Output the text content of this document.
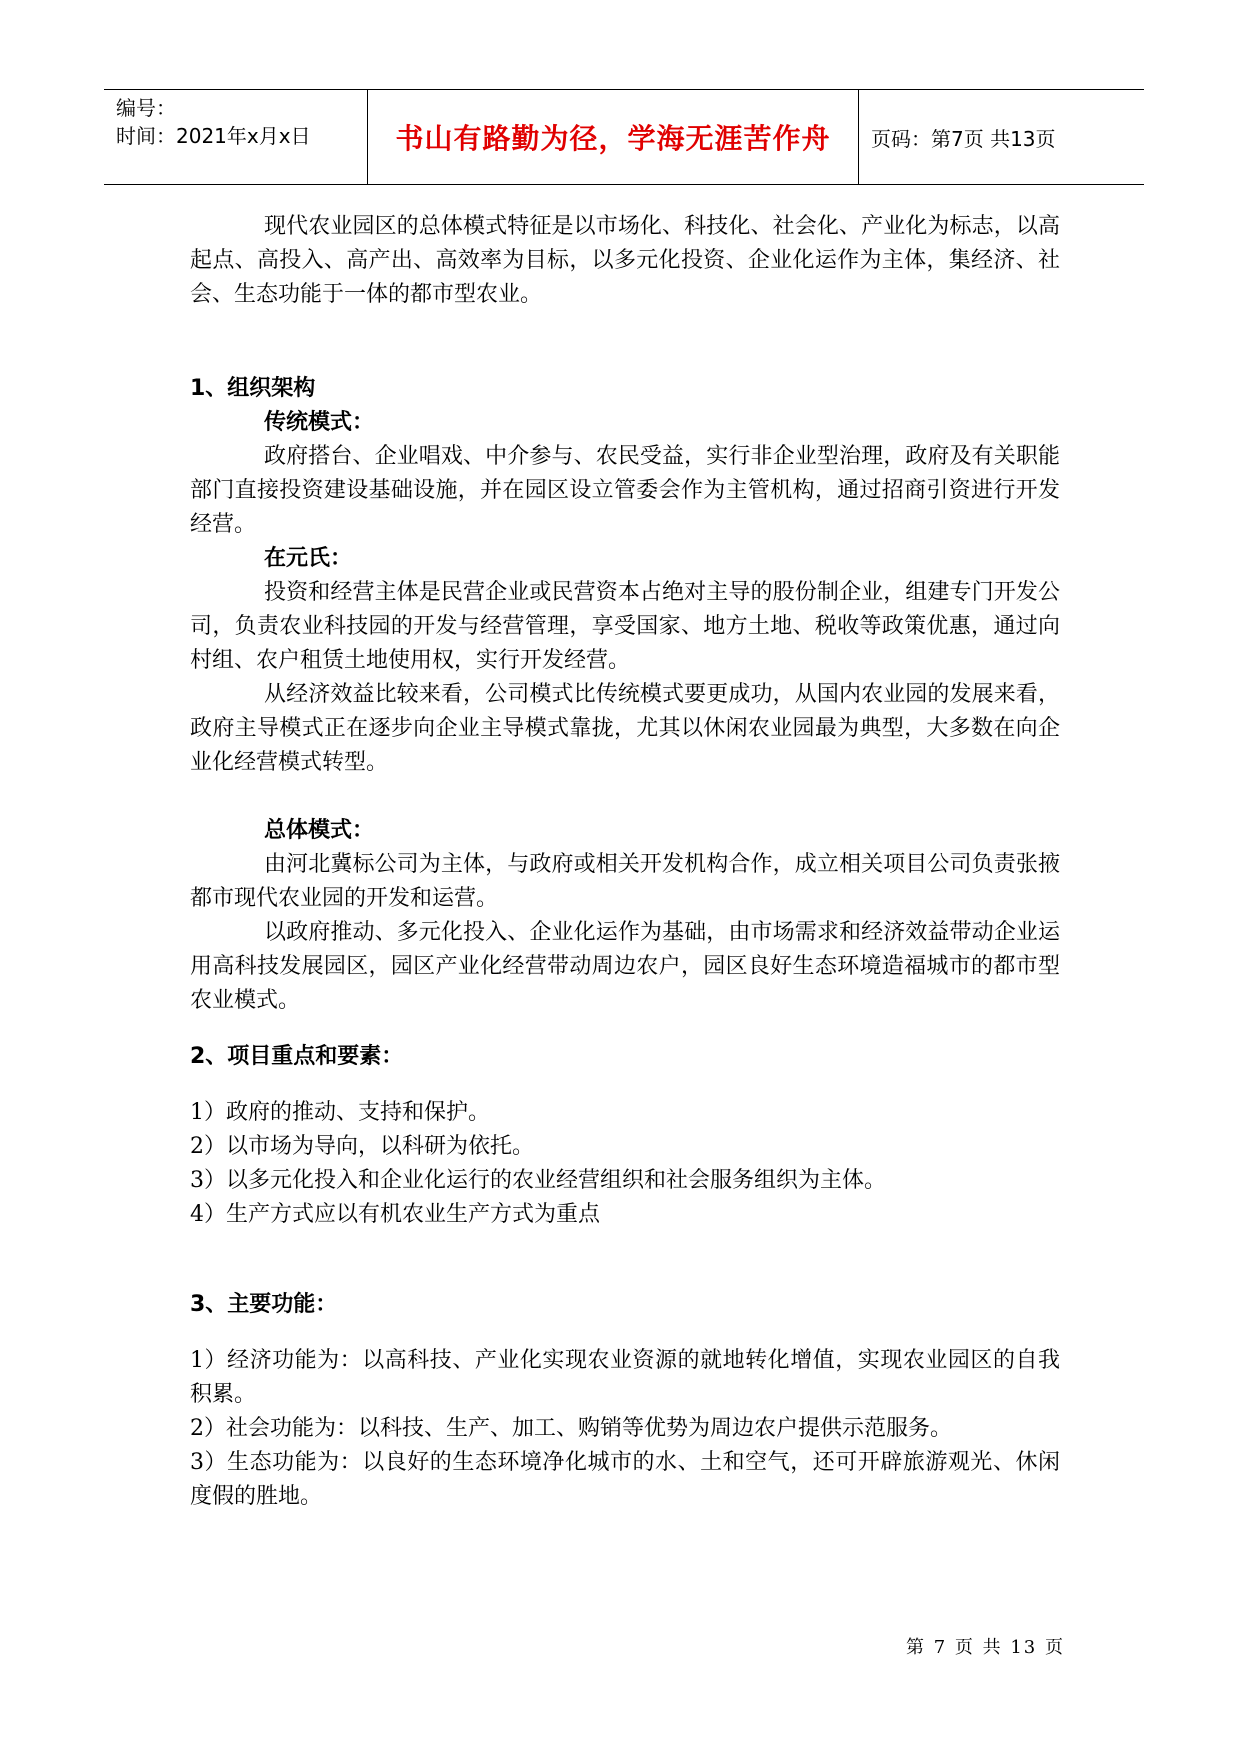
编号：
时间：2021年x月x日	书山有路勤为径，学海无涯苦作舟 页码：第7页 共13页

现代农业园区的总体模式特征是以市场化、科技化、社会化、产业化为标志，以高起点、高投入、高产出、高效率为目标，以多元化投资、企业化运作为主体，集经济、社会、生态功能于一体的都市型农业。

1、组织架构

传统模式：

政府搭台、企业唱戏、中介参与、农民受益，实行非企业型治理，政府及有关职能部门直接投资建设基础设施，并在园区设立管委会作为主管机构，通过招商引资进行开发经营。

在元氏：

投资和经营主体是民营企业或民营资本占绝对主导的股份制企业，组建专门开发公司，负责农业科技园的开发与经营管理，享受国家、地方土地、税收等政策优惠，通过向村组、农户租赁土地使用权，实行开发经营。

从经济效益比较来看，公司模式比传统模式要更成功，从国内农业园的发展来看，政府主导模式正在逐步向企业主导模式靠拢，尤其以休闲农业园最为典型，大多数在向企业化经营模式转型。

总体模式：

由河北冀标公司为主体，与政府或相关开发机构合作，成立相关项目公司负责张掖都市现代农业园的开发和运营。

以政府推动、多元化投入、企业化运作为基础，由市场需求和经济效益带动企业运用高科技发展园区，园区产业化经营带动周边农户，园区良好生态环境造福城市的都市型农业模式。

2、项目重点和要素：

1）政府的推动、支持和保护。

2）以市场为导向，以科研为依托。

3）以多元化投入和企业化运行的农业经营组织和社会服务组织为主体。

4）生产方式应以有机农业生产方式为重点

3、主要功能：

1）经济功能为：以高科技、产业化实现农业资源的就地转化增值，实现农业园区的自我积累。

2）社会功能为：以科技、生产、加工、购销等优势为周边农户提供示范服务。

3）生态功能为：以良好的生态环境净化城市的水、土和空气，还可开辟旅游观光、休闲度假的胜地。

第 7 页 共 13 页
